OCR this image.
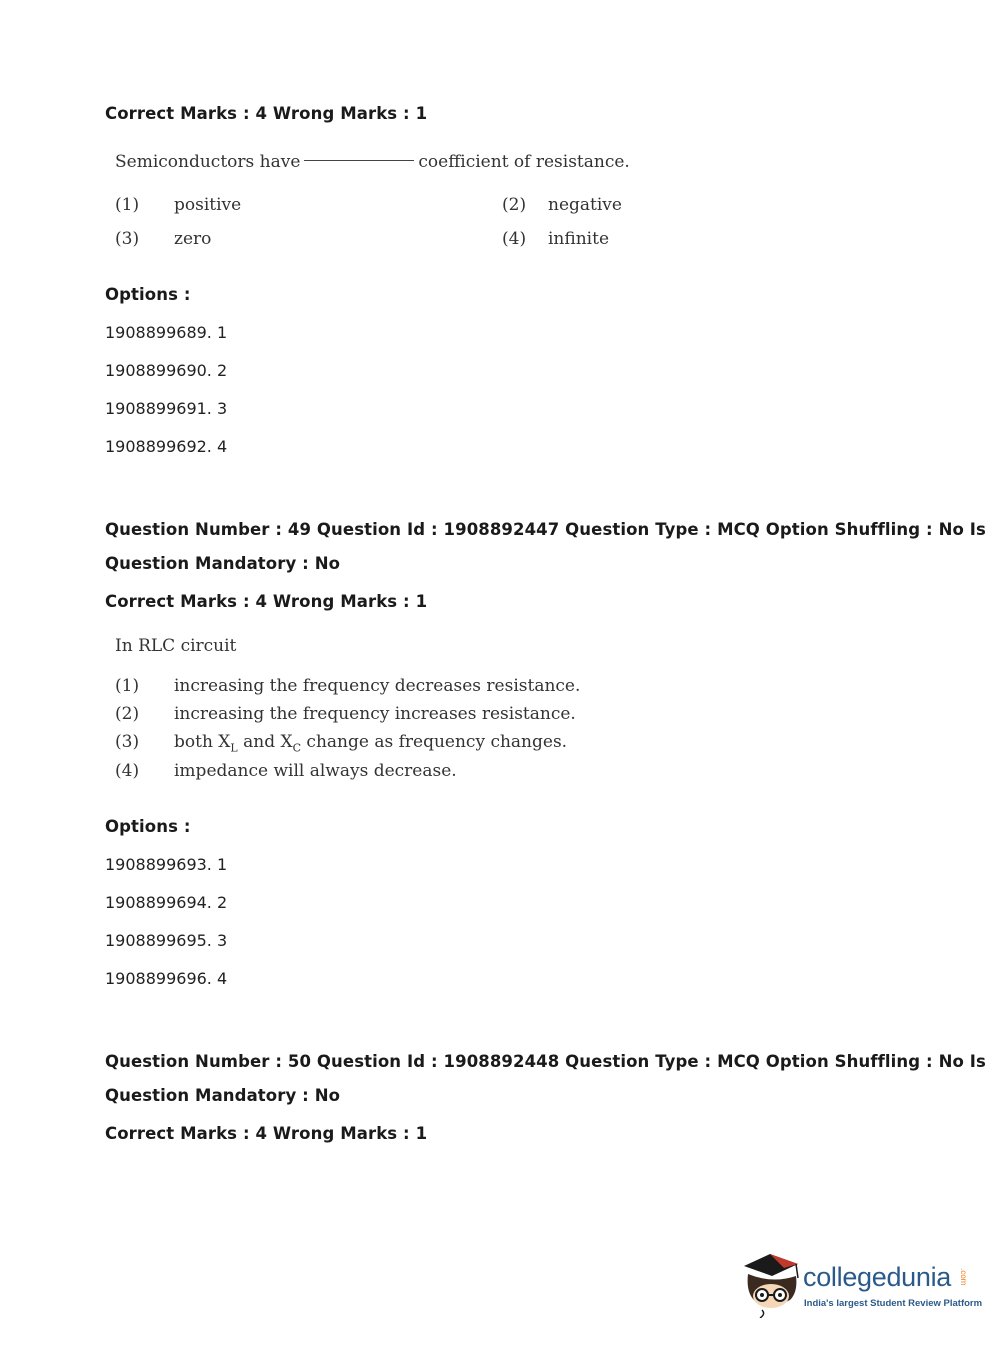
Correct Marks : 4 Wrong Marks : 1
Semiconductors have	coefficient of resistance.
(1) positive	(2) negative
(3) zero	(4) infinite
Options :
1908899689. 1
1908899690. 2
1908899691. 3
1908899692. 4
Question Number : 49 Question Id : 1908892447 Question Type : MCQ Option Shuffling : No Is
Question Mandatory : No
Correct Marks : 4 Wrong Marks : 1
In RLC circuit
(1) increasing the frequency decreases resistance.
(2) increasing the frequency increases resistance.
(3) both $X_L$ and $X_C$ change as frequency changes.
(4) impedance will always decrease.
Options :
1908899693. 1
1908899694. 2
1908899695. 3
1908899696. 4
Question Number : 50 Question Id : 1908892448 Question Type : MCQ Option Shuffling : No Is
Question Mandatory : No
Correct Marks : 4 Wrong Marks : 1
collegedunia .com
India's largest Student Review Platform
